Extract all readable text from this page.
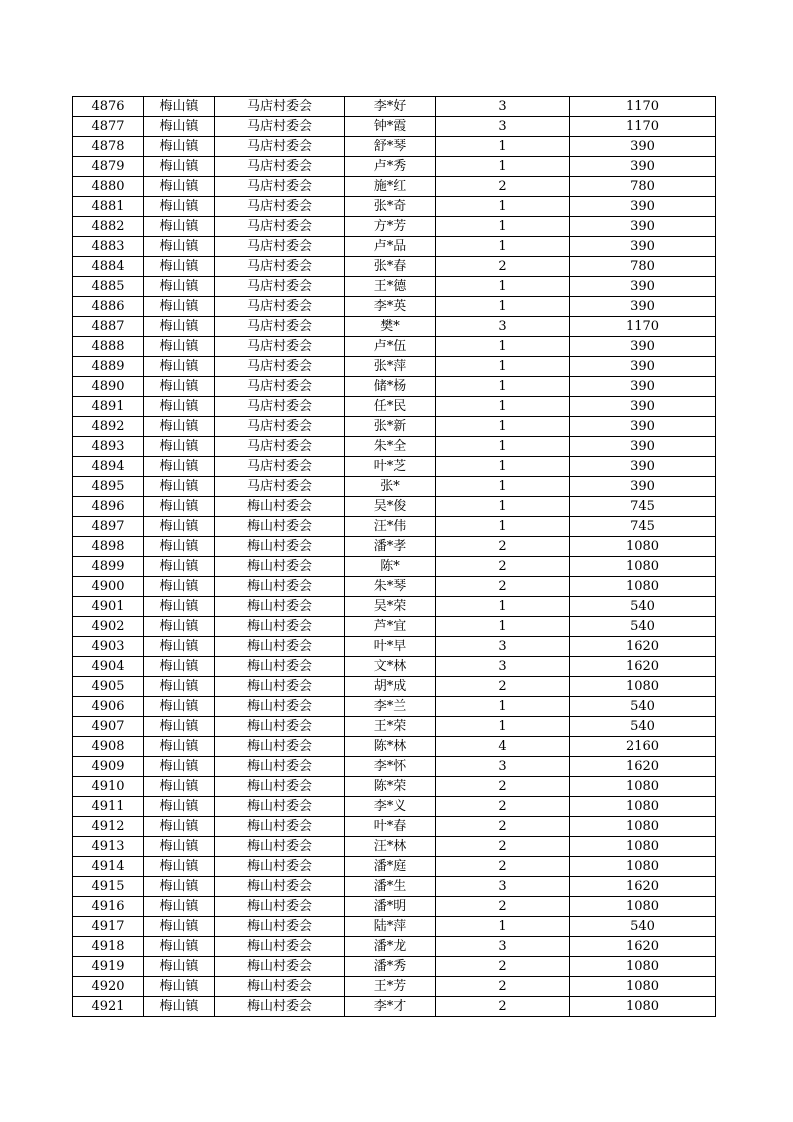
4876	梅山镇	马店村委会	李*好	3	1170
4877	梅山镇	马店村委会	钟*霞	3	1170
4878	梅山镇	马店村委会	舒*琴	1	390
4879	梅山镇	马店村委会	卢*秀	1	390
4880	梅山镇	马店村委会	施*红	2	780
4881	梅山镇	马店村委会	张*奇	1	390
4882	梅山镇	马店村委会	方*芳	1	390
4883	梅山镇	马店村委会	卢*品	1	390
4884	梅山镇	马店村委会	张*春	2	780
4885	梅山镇	马店村委会	王*德	1	390
4886	梅山镇	马店村委会	李*英	1	390
4887	梅山镇	马店村委会	樊*	3	1170
4888	梅山镇	马店村委会	卢*伍	1	390
4889	梅山镇	马店村委会	张*萍	1	390
4890	梅山镇	马店村委会	储*杨	1	390
4891	梅山镇	马店村委会	任*民	1	390
4892	梅山镇	马店村委会	张*新	1	390
4893	梅山镇	马店村委会	朱*全	1	390
4894	梅山镇	马店村委会	叶*芝	1	390
4895	梅山镇	马店村委会	张*	1	390
4896	梅山镇	梅山村委会	吴*俊	1	745
4897	梅山镇	梅山村委会	汪*伟	1	745
4898	梅山镇	梅山村委会	潘*孝	2	1080
4899	梅山镇	梅山村委会	陈*	2	1080
4900	梅山镇	梅山村委会	朱*琴	2	1080
4901	梅山镇	梅山村委会	吴*荣	1	540
4902	梅山镇	梅山村委会	芦*宜	1	540
4903	梅山镇	梅山村委会	叶*早	3	1620
4904	梅山镇	梅山村委会	文*林	3	1620
4905	梅山镇	梅山村委会	胡*成	2	1080
4906	梅山镇	梅山村委会	李*兰	1	540
4907	梅山镇	梅山村委会	王*荣	1	540
4908	梅山镇	梅山村委会	陈*林	4	2160
4909	梅山镇	梅山村委会	李*怀	3	1620
4910	梅山镇	梅山村委会	陈*荣	2	1080
4911	梅山镇	梅山村委会	李*义	2	1080
4912	梅山镇	梅山村委会	叶*春	2	1080
4913	梅山镇	梅山村委会	汪*林	2	1080
4914	梅山镇	梅山村委会	潘*庭	2	1080
4915	梅山镇	梅山村委会	潘*生	3	1620
4916	梅山镇	梅山村委会	潘*明	2	1080
4917	梅山镇	梅山村委会	陆*萍	1	540
4918	梅山镇	梅山村委会	潘*龙	3	1620
4919	梅山镇	梅山村委会	潘*秀	2	1080
4920	梅山镇	梅山村委会	王*芳	2	1080
4921	梅山镇	梅山村委会	李*才	2	1080
